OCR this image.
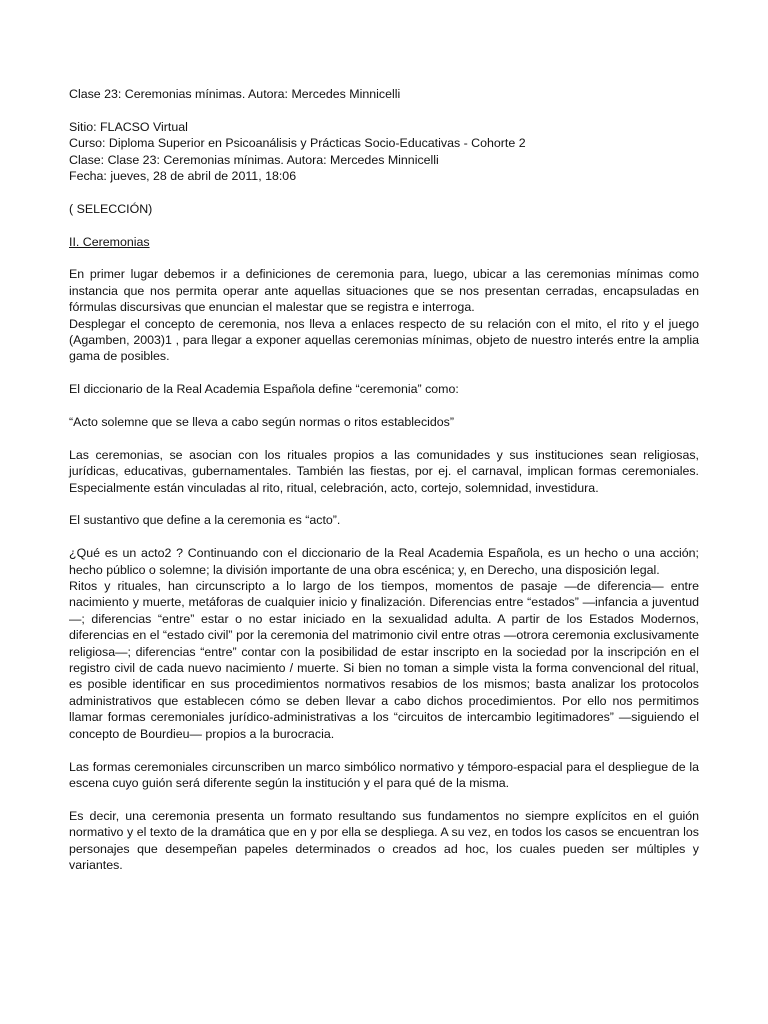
Clase 23: Ceremonias mínimas. Autora: Mercedes Minnicelli

Sitio: FLACSO Virtual

Curso: Diploma Superior en Psicoanálisis y Prácticas Socio-Educativas - Cohorte 2

Clase: Clase 23: Ceremonias mínimas. Autora: Mercedes Minnicelli

Fecha: jueves, 28 de abril de 2011, 18:06

( SELECCIÓN)

II. Ceremonias

En primer lugar debemos ir a definiciones de ceremonia para, luego, ubicar a las ceremonias mínimas como instancia que nos permita operar ante aquellas situaciones que se nos presentan cerradas, encapsuladas en fórmulas discursivas que enuncian el malestar que se registra e interroga.

Desplegar el concepto de ceremonia, nos lleva a enlaces respecto de su relación con el mito, el rito y el juego (Agamben, 2003)1 , para llegar a exponer aquellas ceremonias mínimas, objeto de nuestro interés entre la amplia gama de posibles.

El diccionario de la Real Academia Española define “ceremonia” como:

“Acto solemne que se lleva a cabo según normas o ritos establecidos”

Las ceremonias, se asocian con los rituales propios a las comunidades y sus instituciones sean religiosas, jurídicas, educativas, gubernamentales. También las fiestas, por ej. el carnaval, implican formas ceremoniales. Especialmente están vinculadas al rito, ritual, celebración, acto, cortejo, solemnidad, investidura.

El sustantivo que define a la ceremonia es “acto”.

¿Qué es un acto2 ? Continuando con el diccionario de la Real Academia Española, es un hecho o una acción; hecho público o solemne; la división importante de una obra escénica; y, en Derecho, una disposición legal.

Ritos y rituales, han circunscripto a lo largo de los tiempos, momentos de pasaje —de diferencia— entre nacimiento y muerte, metáforas de cualquier inicio y finalización. Diferencias entre “estados” —infancia a juventud—; diferencias “entre” estar o no estar iniciado en la sexualidad adulta. A partir de los Estados Modernos, diferencias en el “estado civil” por la ceremonia del matrimonio civil entre otras —otrora ceremonia exclusivamente religiosa—; diferencias “entre” contar con la posibilidad de estar inscripto en la sociedad por la inscripción en el registro civil de cada nuevo nacimiento / muerte. Si bien no toman a simple vista la forma convencional del ritual, es posible identificar en sus procedimientos normativos resabios de los mismos; basta analizar los protocolos administrativos que establecen cómo se deben llevar a cabo dichos procedimientos. Por ello nos permitimos llamar formas ceremoniales jurídico-administrativas a los “circuitos de intercambio legitimadores” —siguiendo el concepto de Bourdieu— propios a la burocracia.

Las formas ceremoniales circunscriben un marco simbólico normativo y témporo-espacial para el despliegue de la escena cuyo guión será diferente según la institución y el para qué de la misma.

Es decir, una ceremonia presenta un formato resultando sus fundamentos no siempre explícitos en el guión normativo y el texto de la dramática que en y por ella se despliega. A su vez, en todos los casos se encuentran los personajes que desempeñan papeles determinados o creados ad hoc, los cuales pueden ser múltiples y variantes.
